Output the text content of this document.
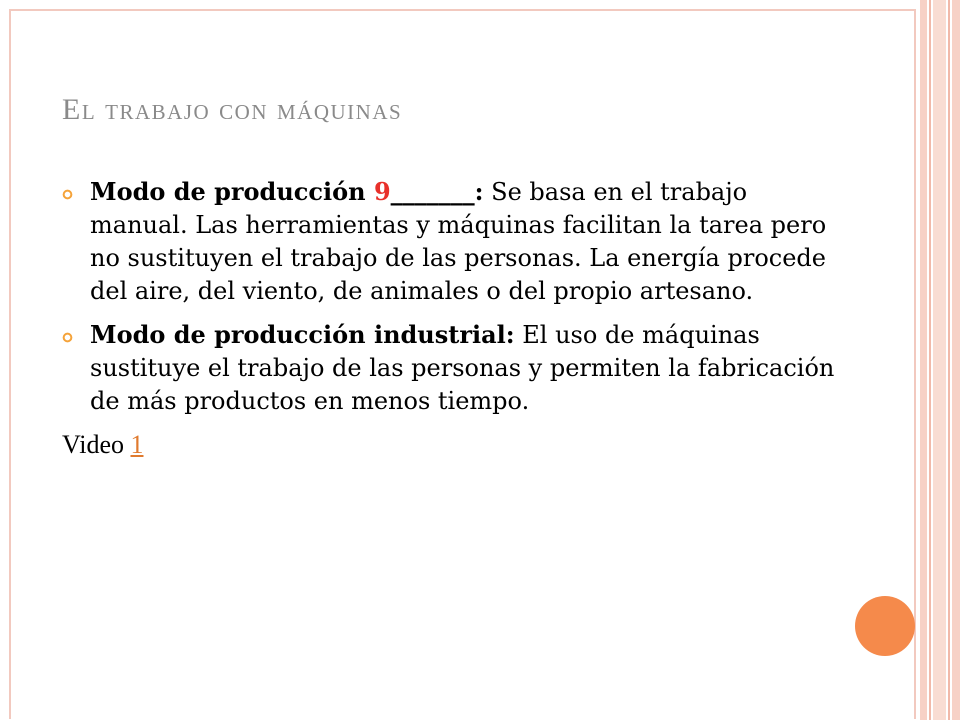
El trabajo con máquinas
Modo de producción 9_______: Se basa en el trabajo manual. Las herramientas y máquinas facilitan la tarea pero no sustituyen el trabajo de las personas. La energía procede del aire, del viento, de animales o del propio artesano.
Modo de producción industrial: El uso de máquinas sustituye el trabajo de las personas y permiten la fabricación de más productos en menos tiempo.
Video 1
